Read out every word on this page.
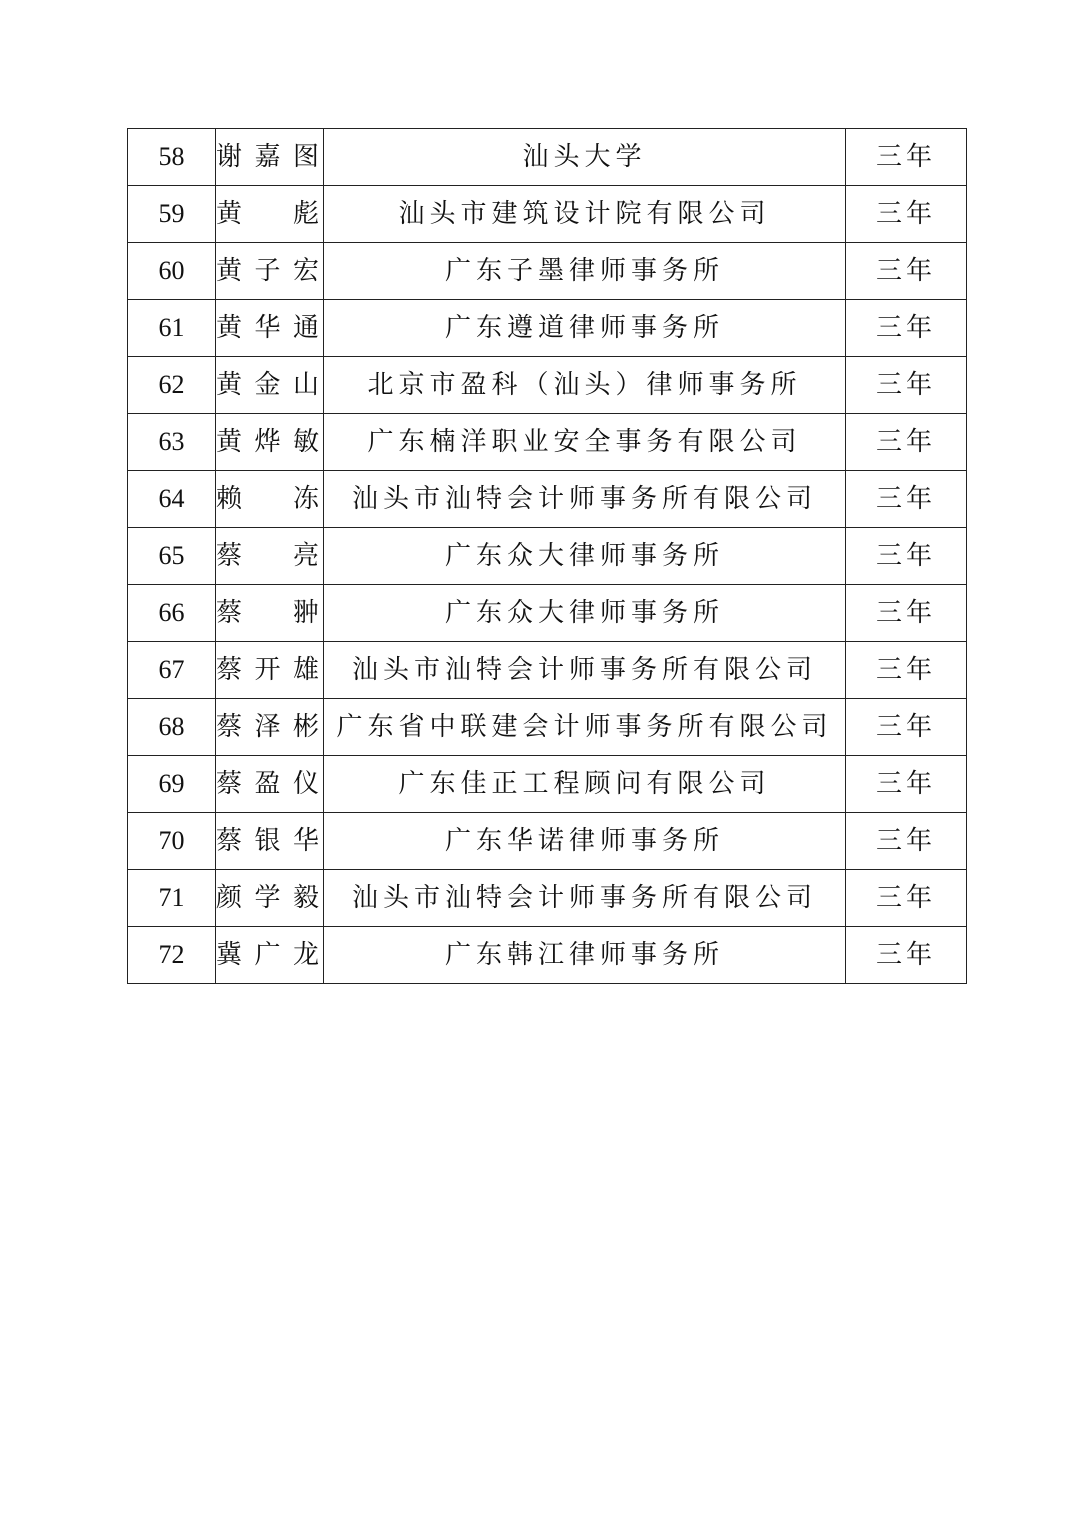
58	谢嘉图	汕头大学	三年
59	黄　彪	汕头市建筑设计院有限公司	三年
60	黄子宏	广东子墨律师事务所	三年
61	黄华通	广东遵道律师事务所	三年
62	黄金山	北京市盈科（汕头）律师事务所	三年
63	黄烨敏	广东楠洋职业安全事务有限公司	三年
64	赖　冻	汕头市汕特会计师事务所有限公司	三年
65	蔡　亮	广东众大律师事务所	三年
66	蔡　翀	广东众大律师事务所	三年
67	蔡开雄	汕头市汕特会计师事务所有限公司	三年
68	蔡泽彬	广东省中联建会计师事务所有限公司	三年
69	蔡盈仪	广东佳正工程顾问有限公司	三年
70	蔡银华	广东华诺律师事务所	三年
71	颜学毅	汕头市汕特会计师事务所有限公司	三年
72	冀广龙	广东韩江律师事务所	三年
